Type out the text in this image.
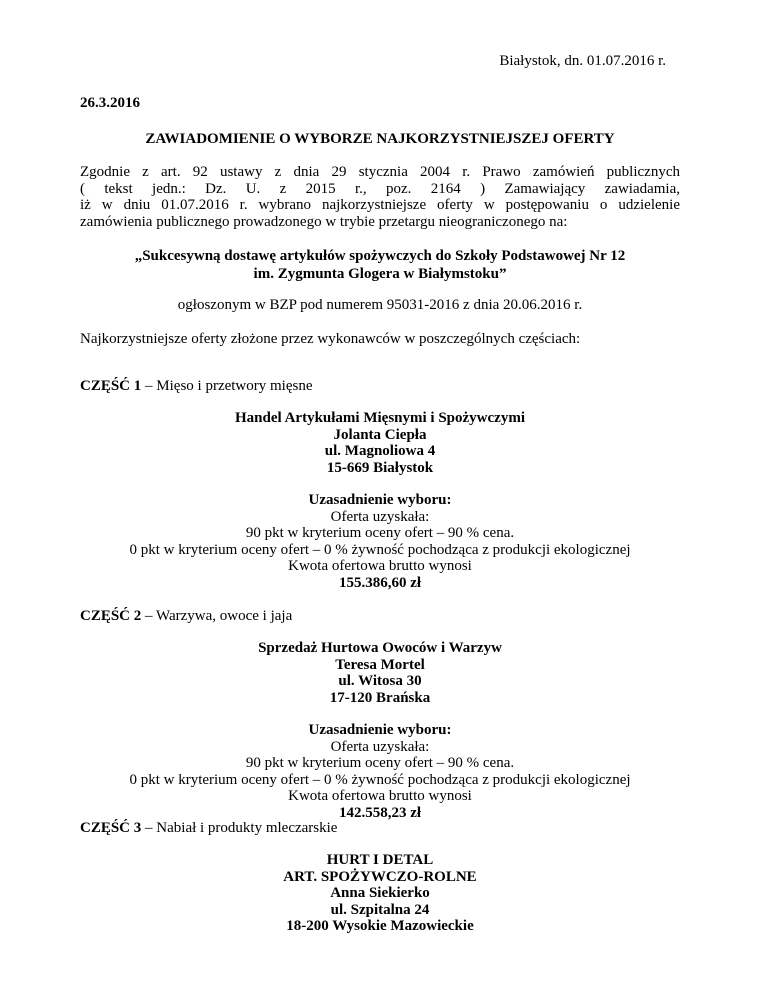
Białystok, dn. 01.07.2016 r.
26.3.2016
ZAWIADOMIENIE O WYBORZE NAJKORZYSTNIEJSZEJ OFERTY
Zgodnie z art. 92 ustawy z dnia 29 stycznia 2004 r. Prawo zamówień publicznych
( tekst jedn.: Dz. U. z 2015 r., poz. 2164 ) Zamawiający zawiadamia,
iż w dniu 01.07.2016 r. wybrano najkorzystniejsze oferty w postępowaniu o udzielenie
zamówienia publicznego prowadzonego w trybie przetargu nieograniczonego na:
„Sukcesywną dostawę artykułów spożywczych do Szkoły Podstawowej Nr 12
im. Zygmunta Glogera w Białymstoku”
ogłoszonym w BZP pod numerem 95031-2016 z dnia 20.06.2016 r.
Najkorzystniejsze oferty złożone przez wykonawców w poszczególnych częściach:
CZĘŚĆ 1 – Mięso i przetwory mięsne
Handel Artykułami Mięsnymi i Spożywczymi
Jolanta Ciepła
ul. Magnoliowa 4
15-669 Białystok
Uzasadnienie wyboru:
Oferta uzyskała:
90 pkt w kryterium oceny ofert – 90 % cena.
0 pkt w kryterium oceny ofert – 0 % żywność pochodząca z produkcji ekologicznej
Kwota ofertowa brutto wynosi
155.386,60 zł
CZĘŚĆ 2 – Warzywa, owoce i jaja
Sprzedaż Hurtowa Owoców i Warzyw
Teresa Mortel
ul. Witosa 30
17-120 Brańska
Uzasadnienie wyboru:
Oferta uzyskała:
90 pkt w kryterium oceny ofert – 90 % cena.
0 pkt w kryterium oceny ofert – 0 % żywność pochodząca z produkcji ekologicznej
Kwota ofertowa brutto wynosi
142.558,23 zł
CZĘŚĆ 3 – Nabiał i produkty mleczarskie
HURT I DETAL
ART. SPOŻYWCZO-ROLNE
Anna Siekierko
ul. Szpitalna 24
18-200 Wysokie Mazowieckie
